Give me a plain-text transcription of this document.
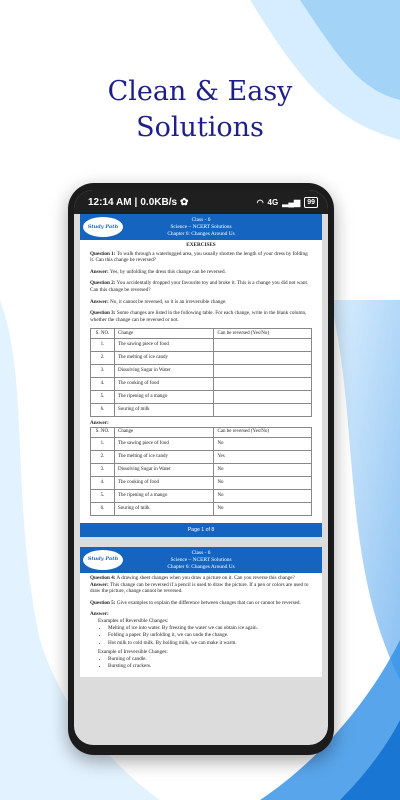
Clean & Easy
Solutions
12:14 AM | 0.0KB/s ✿	◠ 4G ▂▄▆	99
Study Path
Class - 6
Science – NCERT Solutions
Chapter 6: Changes Around Us
EXERCISES

Question 1: To walk through a waterlogged area, you usually shorten the length of your dress by folding it. Can this change be reversed?

Answer: Yes, by unfolding the dress this change can be reversed.

Question 2: You accidentally dropped your favourite toy and broke it. This is a change you did not want. Can this change be reversed?

Answer: No, it cannot be reversed, so it is an irreversible change.

Question 3: Some changes are listed in the following table. For each change, write in the blank column, whether the change can be reversed or not.

S. NO.	Change	Can be reversed (Yes/No)
1.	The sawing piece of food	
2.	The melting of ice candy	
3.	Dissolving Sugar in Water	
4.	The cooking of food	
5.	The ripening of a mango	
6.	Souring of milk	
Answer:
S. NO.	Change	Can be reversed (Yes/No)
1.	The sawing piece of food	No
2.	The melting of ice candy	Yes
3.	Dissolving Sugar in Water	No
4.	The cooking of food	No
5.	The ripening of a mango	No
6.	Souring of milk	No
Page 1 of 8
Study Path
Class - 6
Science – NCERT Solutions
Chapter 6: Changes Around Us

Question 4: A drawing sheet changes when you draw a picture on it. Can you reverse this change?

Answer: This change can be reversed if a pencil is used to draw the picture. If a pen or colors are used to draw the picture, change cannot be reversed.

Question 5: Give examples to explain the difference between changes that can or cannot be reversed.

Answer:
Examples of Reversible Changes:
• Melting of ice into water. By freezing the water we can obtain ice again.
• Folding a paper. By unfolding it, we can undo the change.
• Hot milk to cold milk. By boiling milk, we can make it warm.
Example of Irreversible Changes:
• Burning of candle.
• Bursting of crackers.
